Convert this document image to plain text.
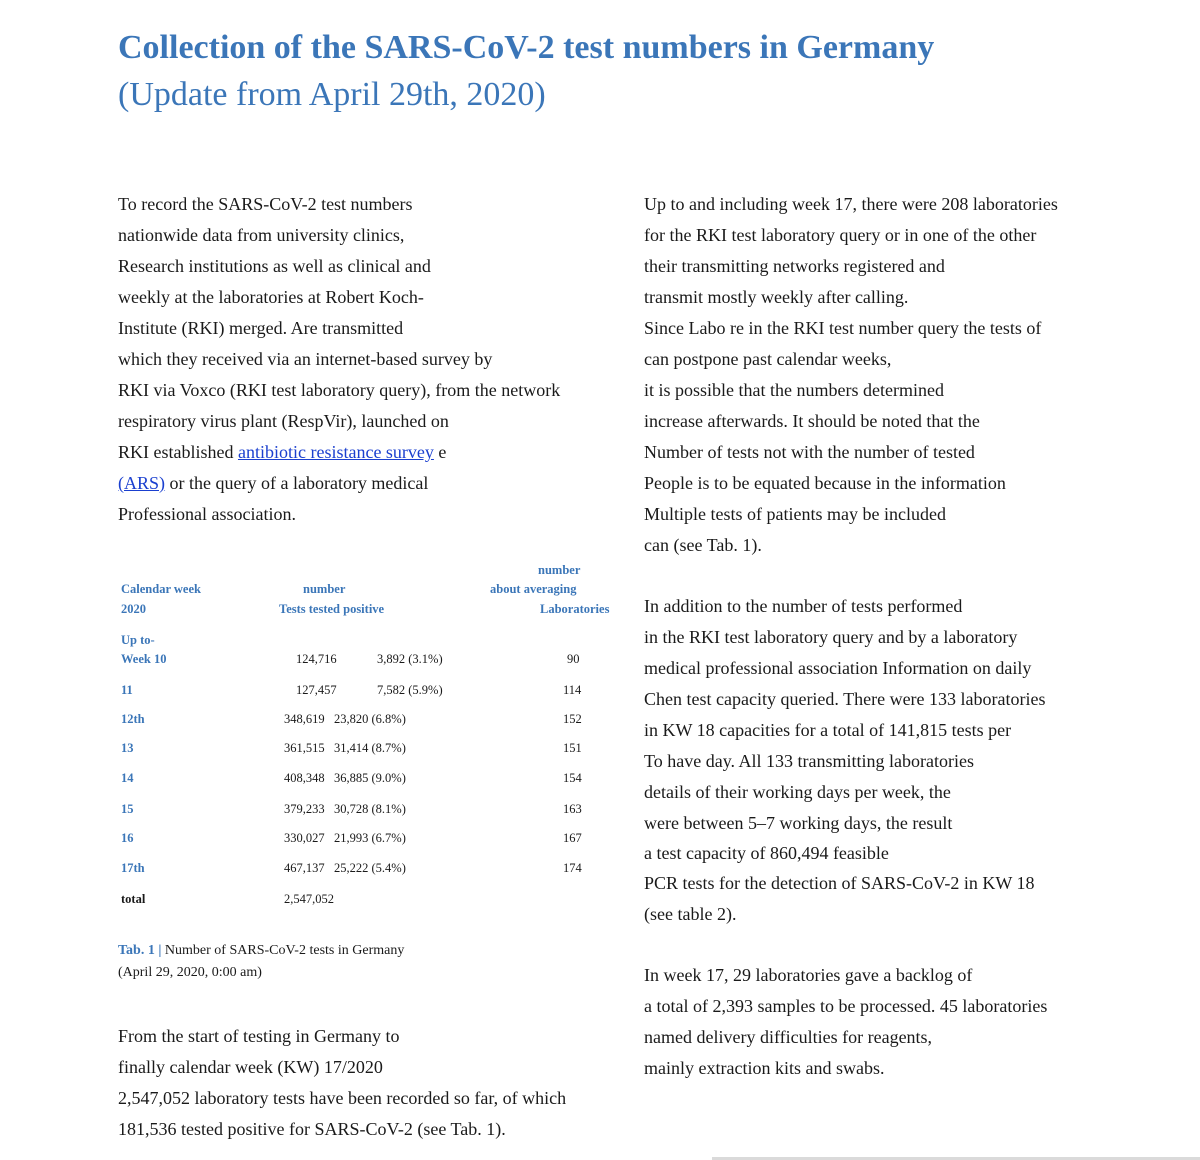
Collection of the SARS-CoV-2 test numbers in Germany
(Update from April 29th, 2020)
To record the SARS-CoV-2 test numbers
nationwide data from university clinics,
Research institutions as well as clinical and
weekly at the laboratories at Robert Koch-
Institute (RKI) merged. Are transmitted
which they received via an internet-based survey by
RKI via Voxco (RKI test laboratory query), from the network
respiratory virus plant (RespVir), launched on
RKI established antibiotic resistance survey e
(ARS) or the query of a laboratory medical
Professional association.
number
Calendar week	number	about averaging
2020	Tests tested positive	Laboratories
Up to-
Week 10	124,716	3,892 (3.1%)	90
11	127,457	7,582 (5.9%)	114
12th	348,619 23,820 (6.8%)	152
13	361,515 31,414 (8.7%)	151
14	408,348 36,885 (9.0%)	154
15	379,233 30,728 (8.1%)	163
16	330,027 21,993 (6.7%)	167
17th	467,137 25,222 (5.4%)	174
total	2,547,052
Tab. 1 | Number of SARS-CoV-2 tests in Germany
(April 29, 2020, 0:00 am)
From the start of testing in Germany to
finally calendar week (KW) 17/2020
2,547,052 laboratory tests have been recorded so far, of which
181,536 tested positive for SARS-CoV-2 (see Tab. 1).
Up to and including week 17, there were 208 laboratories
for the RKI test laboratory query or in one of the other
their transmitting networks registered and
transmit mostly weekly after calling.
Since Labo re in the RKI test number query the tests of
can postpone past calendar weeks,
it is possible that the numbers determined
increase afterwards. It should be noted that the
Number of tests not with the number of tested
People is to be equated because in the information
Multiple tests of patients may be included
can (see Tab. 1).
In addition to the number of tests performed
in the RKI test laboratory query and by a laboratory
medical professional association Information on daily
Chen test capacity queried. There were 133 laboratories
in KW 18 capacities for a total of 141,815 tests per
To have day. All 133 transmitting laboratories
details of their working days per week, the
were between 5–7 working days, the result
a test capacity of 860,494 feasible
PCR tests for the detection of SARS-CoV-2 in KW 18
(see table 2).
In week 17, 29 laboratories gave a backlog of
a total of 2,393 samples to be processed. 45 laboratories
named delivery difficulties for reagents,
mainly extraction kits and swabs.
